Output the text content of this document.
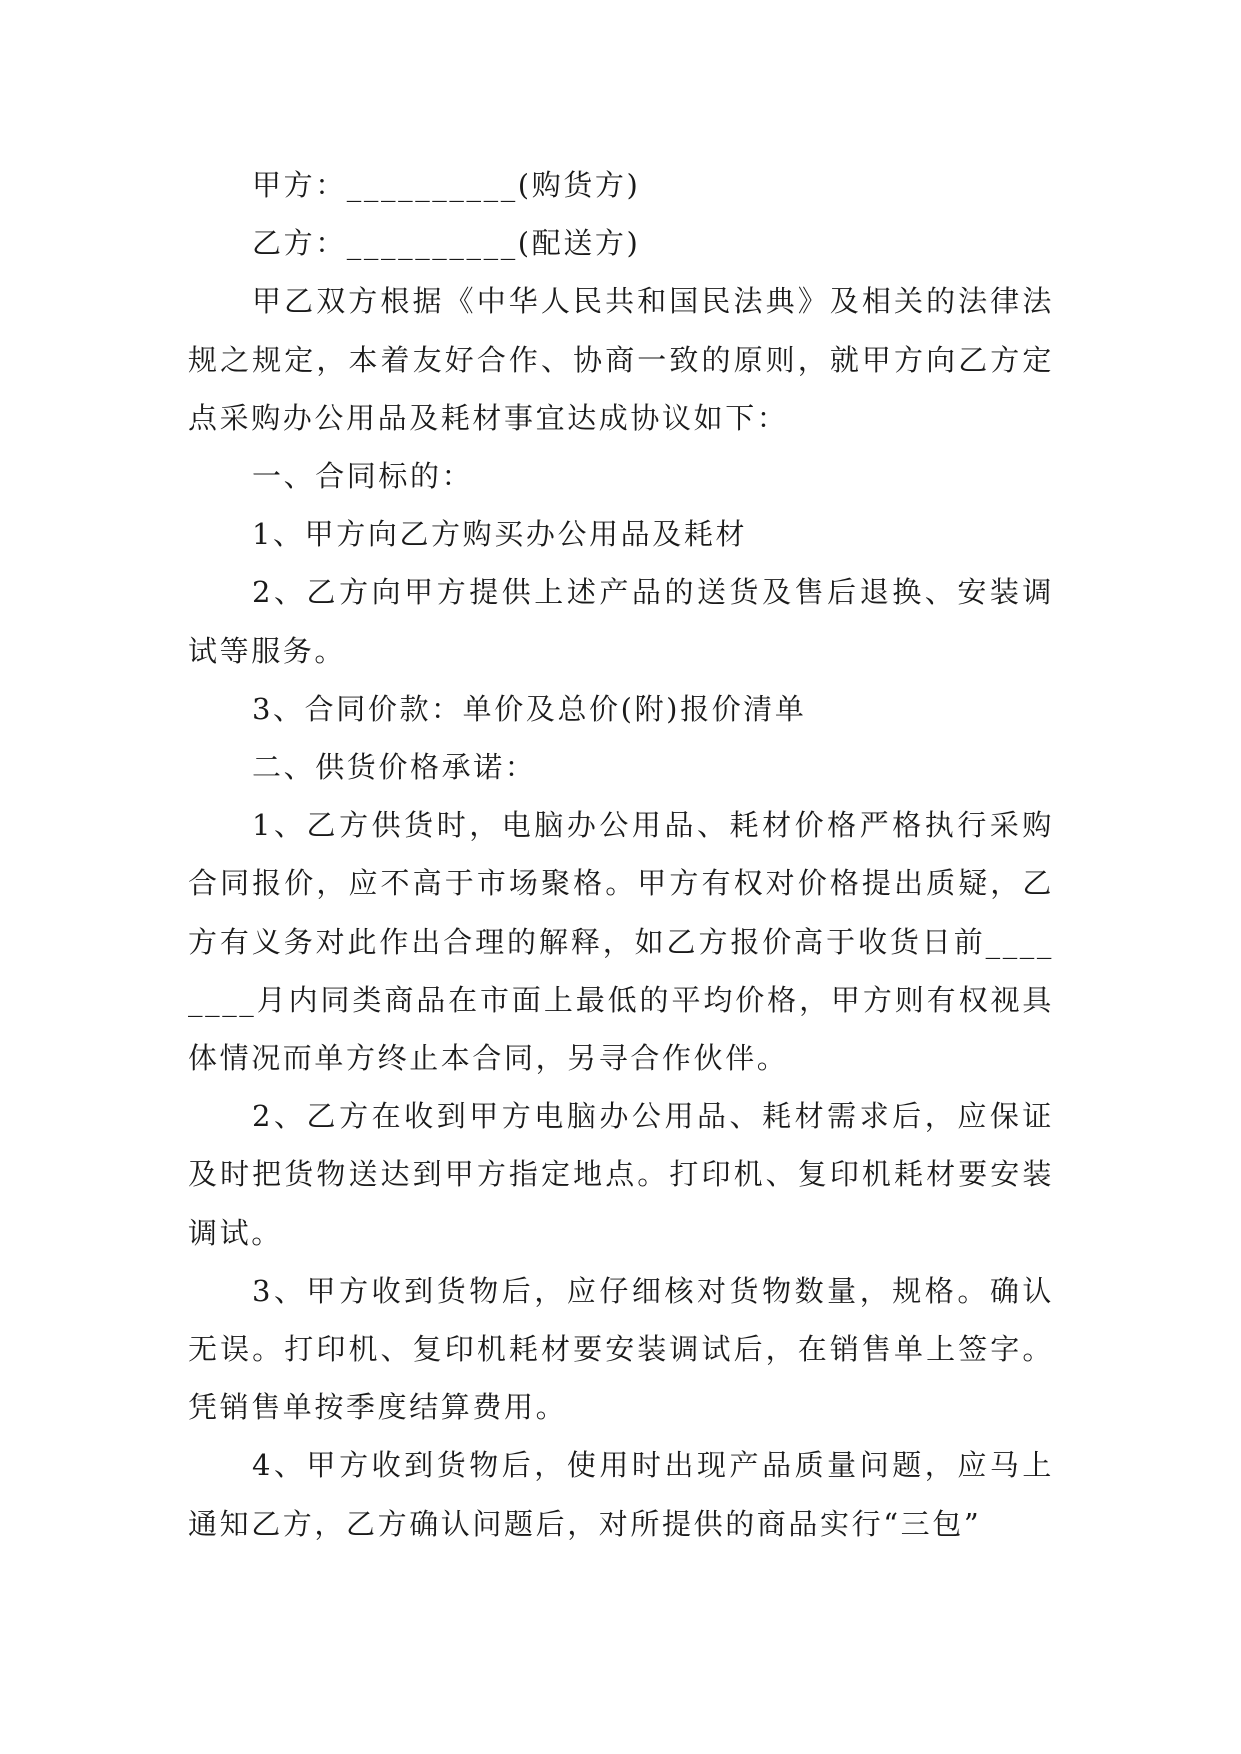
甲方：__________(购货方)

乙方：__________(配送方)

甲乙双方根据《中华人民共和国民法典》及相关的法律法规之规定，本着友好合作、协商一致的原则，就甲方向乙方定点采购办公用品及耗材事宜达成协议如下：

一、合同标的：

1、甲方向乙方购买办公用品及耗材

2、乙方向甲方提供上述产品的送货及售后退换、安装调试等服务。

3、合同价款：单价及总价(附)报价清单

二、供货价格承诺：

1、乙方供货时，电脑办公用品、耗材价格严格执行采购合同报价，应不高于市场聚格。甲方有权对价格提出质疑，乙方有义务对此作出合理的解释，如乙方报价高于收货日前________月内同类商品在市面上最低的平均价格，甲方则有权视具体情况而单方终止本合同，另寻合作伙伴。

2、乙方在收到甲方电脑办公用品、耗材需求后，应保证及时把货物送达到甲方指定地点。打印机、复印机耗材要安装调试。

3、甲方收到货物后，应仔细核对货物数量，规格。确认无误。打印机、复印机耗材要安装调试后，在销售单上签字。凭销售单按季度结算费用。

4、甲方收到货物后，使用时出现产品质量问题，应马上通知乙方，乙方确认问题后，对所提供的商品实行“三包”
